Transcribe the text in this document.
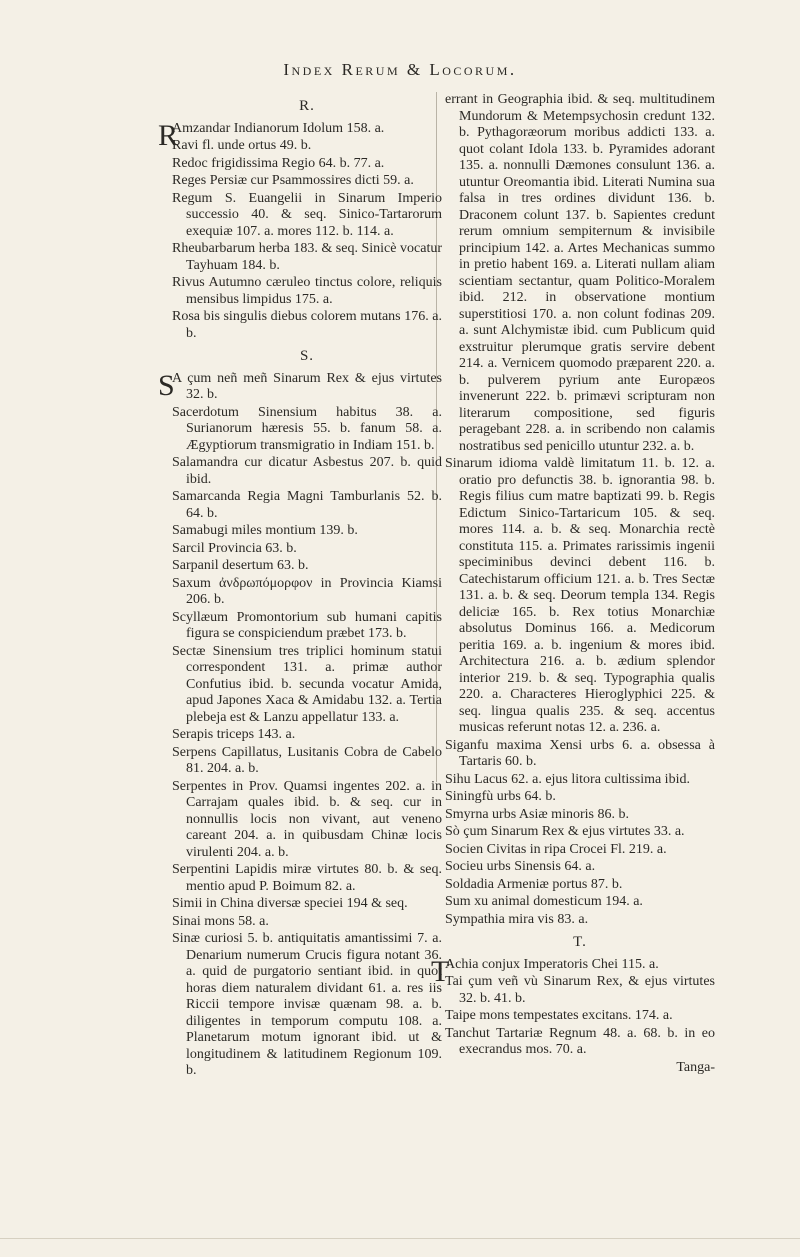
Index Rerum & Locorum.
R.
R
Amzandar Indianorum Idolum 158. a.
Ravi fl. unde ortus 49. b.
Redoc frigidissima Regio 64. b. 77. a.
Reges Persiæ cur Psammossires dicti 59. a.
Regum S. Euangelii in Sinarum Imperio successio 40. & seq. Sinico-Tartarorum exequiæ 107. a. mores 112. b. 114. a.
Rheubarbarum herba 183. & seq. Sinicè vocatur Tayhuam 184. b.
Rivus Autumno cæruleo tinctus colore, reliquis mensibus limpidus 175. a.
Rosa bis singulis diebus colorem mutans 176. a. b.
S.
S
A çum neñ meñ Sinarum Rex & ejus virtutes 32. b.
Sacerdotum Sinensium habitus 38. a. Surianorum hæresis 55. b. fanum 58. a. Ægyptiorum transmigratio in Indiam 151. b.
Salamandra cur dicatur Asbestus 207. b. quid ibid.
Samarcanda Regia Magni Tamburlanis 52. b. 64. b.
Samabugi miles montium 139. b.
Sarcil Provincia 63. b.
Sarpanil desertum 63. b.
Saxum ἀνδρωπόμορφον in Provincia Kiamsi 206. b.
Scyllæum Promontorium sub humani capitis figura se conspiciendum præbet 173. b.
Sectæ Sinensium tres triplici hominum statui correspondent 131. a. primæ author Confutius ibid. b. secunda vocatur Amida, apud Japones Xaca & Amidabu 132. a. Tertia plebeja est & Lanzu appellatur 133. a.
Serapis triceps 143. a.
Serpens Capillatus, Lusitanis Cobra de Cabelo 81. 204. a. b.
Serpentes in Prov. Quamsi ingentes 202. a. in Carrajam quales ibid. b. & seq. cur in nonnullis locis non vivant, aut veneno careant 204. a. in quibusdam Chinæ locis virulenti 204. a. b.
Serpentini Lapidis miræ virtutes 80. b. & seq. mentio apud P. Boimum 82. a.
Simii in China diversæ speciei 194 & seq.
Sinai mons 58. a.
Sinæ curiosi 5. b. antiquitatis amantissimi 7. a. Denarium numerum Crucis figura notant 36. a. quid de purgatorio sentiant ibid. in quot horas diem naturalem dividant 61. a. res iis Riccii tempore invisæ quænam 98. a. b. diligentes in temporum computu 108. a. Planetarum motum ignorant ibid. ut & longitudinem & latitudinem Regionum 109. b.
errant in Geographia ibid. & seq. multitudinem Mundorum & Metempsychosin credunt 132. b. Pythagoræorum moribus addicti 133. a. quot colant Idola 133. b. Pyramides adorant 135. a. nonnulli Dæmones consulunt 136. a. utuntur Oreomantia ibid. Literati Numina sua falsa in tres ordines dividunt 136. b. Draconem colunt 137. b. Sapientes credunt rerum omnium sempiternum & invisibile principium 142. a. Artes Mechanicas summo in pretio habent 169. a. Literati nullam aliam scientiam sectantur, quam Politico-Moralem ibid. 212. in observatione montium superstitiosi 170. a. non colunt fodinas 209. a. sunt Alchymistæ ibid. cum Publicum quid exstruitur plerumque gratis servire debent 214. a. Vernicem quomodo præparent 220. a. b. pulverem pyrium ante Europæos invenerunt 222. b. primævi scripturam non literarum compositione, sed figuris peragebant 228. a. in scribendo non calamis nostratibus sed penicillo utuntur 232. a. b.
Sinarum idioma valdè limitatum 11. b. 12. a. oratio pro defunctis 38. b. ignorantia 98. b. Regis filius cum matre baptizati 99. b. Regis Edictum Sinico-Tartaricum 105. & seq. mores 114. a. b. & seq. Monarchia rectè constituta 115. a. Primates rarissimis ingenii speciminibus devinci debent 116. b. Catechistarum officium 121. a. b. Tres Sectæ 131. a. b. & seq. Deorum templa 134. Regis deliciæ 165. b. Rex totius Monarchiæ absolutus Dominus 166. a. Medicorum peritia 169. a. b. ingenium & mores ibid. Architectura 216. a. b. ædium splendor interior 219. b. & seq. Typographia qualis 220. a. Characteres Hieroglyphici 225. & seq. lingua qualis 235. & seq. accentus musicas referunt notas 12. a. 236. a.
Siganfu maxima Xensi urbs 6. a. obsessa à Tartaris 60. b.
Sihu Lacus 62. a. ejus litora cultissima ibid.
Siningfù urbs 64. b.
Smyrna urbs Asiæ minoris 86. b.
Sò çum Sinarum Rex & ejus virtutes 33. a.
Socien Civitas in ripa Crocei Fl. 219. a.
Socieu urbs Sinensis 64. a.
Soldadia Armeniæ portus 87. b.
Sum xu animal domesticum 194. a.
Sympathia mira vis 83. a.
T.
T
Achia conjux Imperatoris Chei 115. a.
Tai çum veñ vù Sinarum Rex, & ejus virtutes 32. b. 41. b.
Taipe mons tempestates excitans. 174. a.
Tanchut Tartariæ Regnum 48. a. 68. b. in eo execrandus mos. 70. a.
Tanga-
